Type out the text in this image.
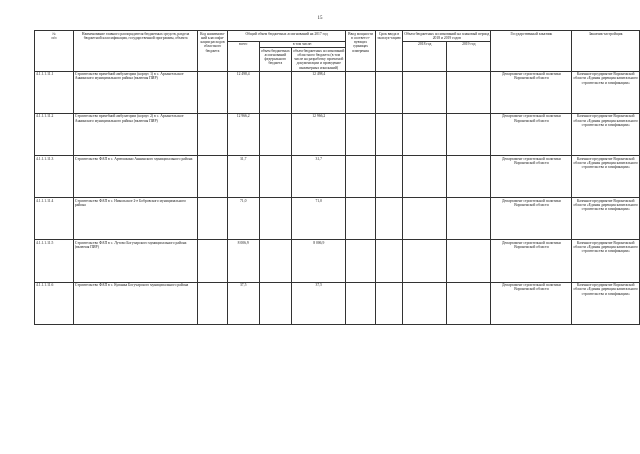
15
№
п/п	Наименование главного распорядителя бюджетных средств, раздела бюджетной классификации, государственной программы, объекта	Код наименова-ний классифи-кации расходов областного бюджета	Общий объем бюджетных ассигнований на 2017 год			Ввод мощности в соответст-вующих единицах измерения	Срок ввода в эксплуа-тацию	Объем бюджетных ассигнований на плановый период 2018 и 2019 годов		Государственный заказчик	Заказчик-застройщик
			всего	в том числе:				2018 год	2019 год		
				объем бюджетных ассигнований федерального бюджета	объем бюджетных ассигнований областного бюджета (в том числе на разработку проектной документации и проведение инженерных изысканий)						
4.1.1.1.11.1	Строительство врачебной амбулатории (корпус 1) в с. Архангельское Аннинского муниципального района (включая ПИР)		12 498,4		12 498,4					Департамент строительной политики Воронежской области	Казенное предприятие Воронежской области «Единая дирекция капитального строительства и газификации»
4.1.1.1.11.2	Строительство врачебной амбулатории (корпус 2) в с. Архангельское Аннинского муниципального района (включая ПИР)		12 966,2		12 966,2					Департамент строительной политики Воронежской области	Казенное предприятие Воронежской области «Единая дирекция капитального строительства и газификации»
4.1.1.1.11.3	Строительство ФАП в с. Артюшкино Аннинского муниципального района		31,7		31,7					Департамент строительной политики Воронежской области	Казенное предприятие Воронежской области «Единая дирекция капитального строительства и газификации»
4.1.1.1.11.4	Строительство ФАП в с. Никольское 2-е Бобровского муниципального района		71,0		71,0					Департамент строительной политики Воронежской области	Казенное предприятие Воронежской области «Единая дирекция капитального строительства и газификации»
4.1.1.1.11.5	Строительство ФАП в с. Лутово Богучарского муниципального района (включая ПИР)		8 006,9		8 006,9					Департамент строительной политики Воронежской области	Казенное предприятие Воронежской области «Единая дирекция капитального строительства и газификации»
4.1.1.1.11.6	Строительство ФАП в с. Купянка Богучарского муниципального района		37,5		37,5					Департамент строительной политики Воронежской области	Казенное предприятие Воронежской области «Единая дирекция капитального строительства и газификации»
